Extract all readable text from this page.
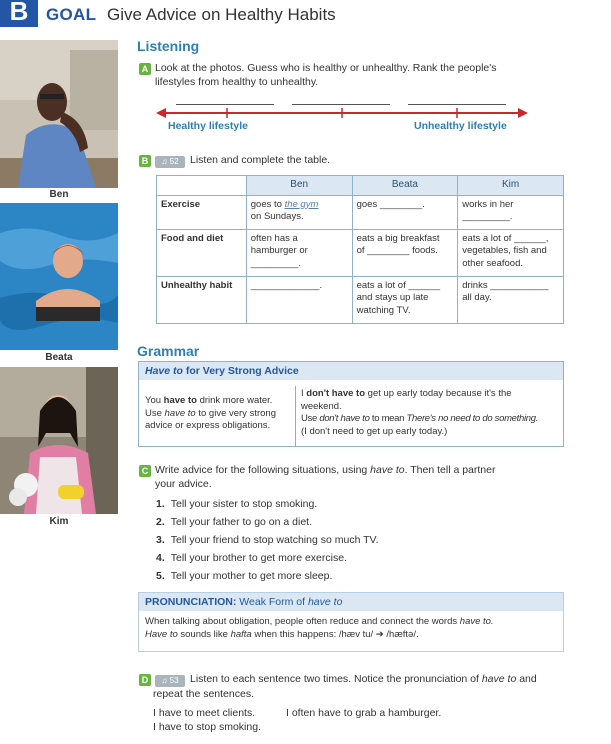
B	GOAL Give Advice on Healthy Habits
Ben
Beata
Kim
Listening
A Look at the photos. Guess who is healthy or unhealthy. Rank the people's
lifestyles from healthy to unhealthy.
Healthy lifestyle	Unhealthy lifestyle
B ♫ 52 Listen and complete the table.
	Ben	Beata	Kim
Exercise	goes to the gym
on Sundays.	goes ________.	works in her
_________.
Food and diet	often has a
hamburger or
_________.	eats a big breakfast
of ________ foods.	eats a lot of ______,
vegetables, fish and
other seafood.
Unhealthy habit	_____________.	eats a lot of ______
and stays up late
watching TV.	drinks ___________
all day.
Grammar
Have to for Very Strong Advice
You have to drink more water.
Use have to to give very strong
advice or express obligations.
I don't have to get up early today because it's the
weekend.
Use don't have to to mean There's no need to do something.
(I don't need to get up early today.)
C Write advice for the following situations, using have to. Then tell a partner
your advice.
1. Tell your sister to stop smoking.
2. Tell your father to go on a diet.
3. Tell your friend to stop watching so much TV.
4. Tell your brother to get more exercise.
5. Tell your mother to get more sleep.
PRONUNCIATION: Weak Form of have to
When talking about obligation, people often reduce and connect the words have to.
Have to sounds like hafta when this happens: /hæv tu/ ➔ /hæftə/.
D ♫ 53 Listen to each sentence two times. Notice the pronunciation of have to and
repeat the sentences.
I have to meet clients.	I often have to grab a hamburger.
I have to stop smoking.
